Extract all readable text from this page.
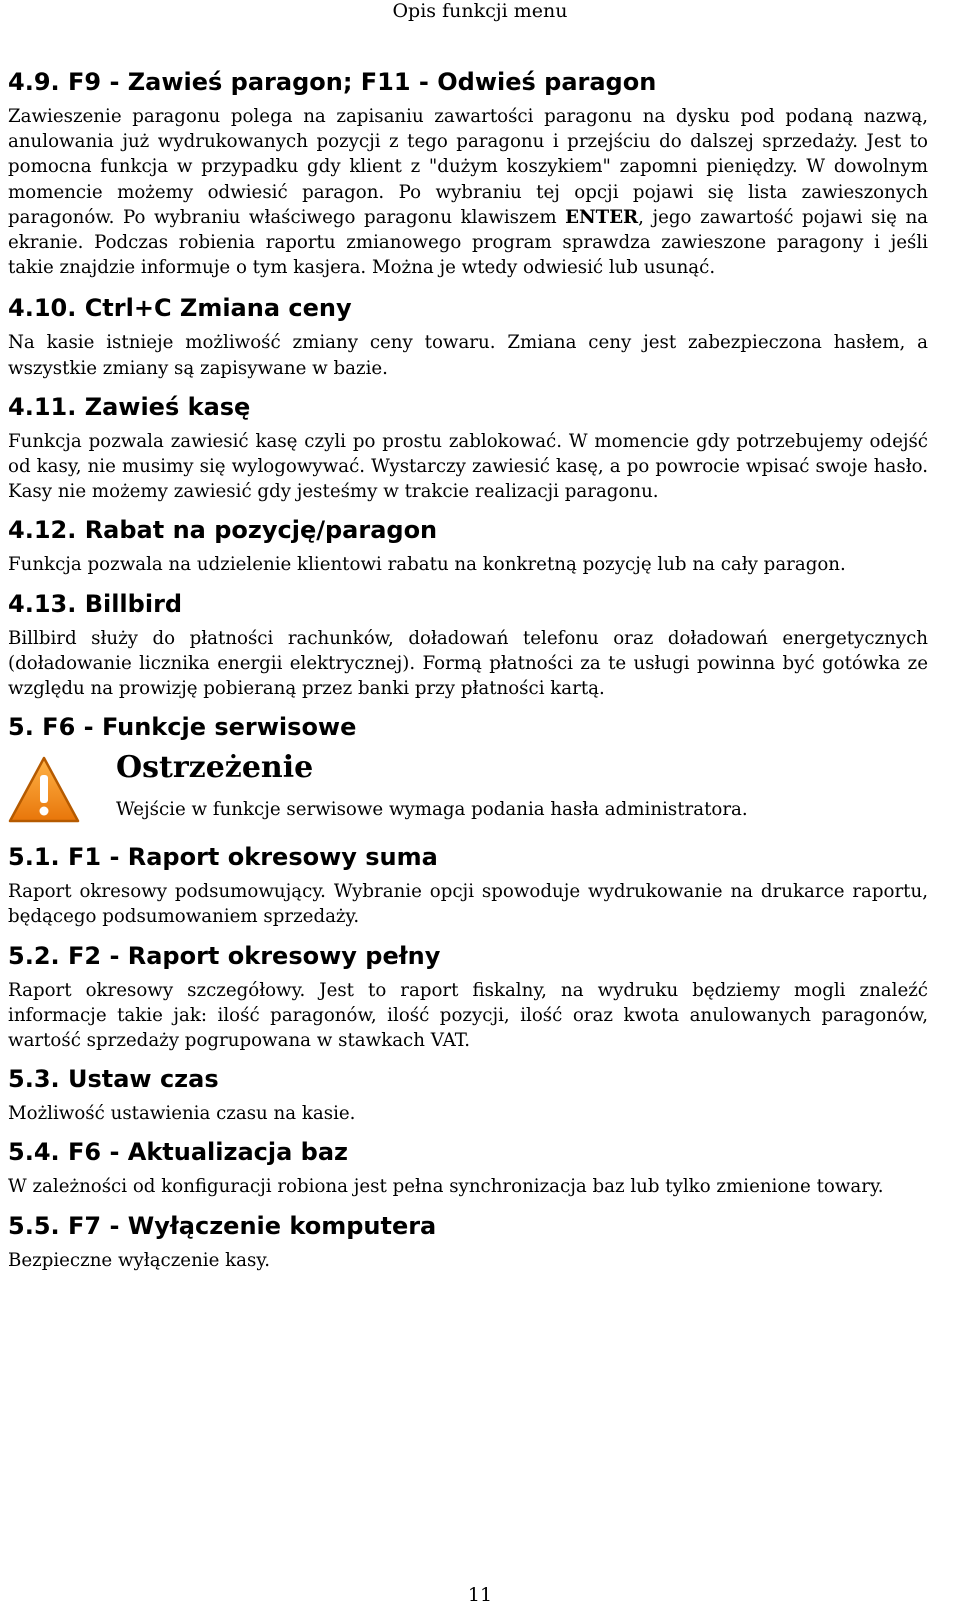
Opis funkcji menu
4.9. F9 - Zawieś paragon; F11 - Odwieś paragon

Zawieszenie paragonu polega na zapisaniu zawartości paragonu na dysku pod podaną nazwą, anulowania już wydrukowanych pozycji z tego paragonu i przejściu do dalszej sprzedaży. Jest to pomocna funkcja w przypadku gdy klient z "dużym koszykiem" zapomni pieniędzy. W dowolnym momencie możemy odwiesić paragon. Po wybraniu tej opcji pojawi się lista zawieszonych paragonów. Po wybraniu właściwego paragonu klawiszem ENTER, jego zawartość pojawi się na ekranie. Podczas robienia raportu zmianowego program sprawdza zawieszone paragony i jeśli takie znajdzie informuje o tym kasjera. Można je wtedy odwiesić lub usunąć.

4.10. Ctrl+C Zmiana ceny

Na kasie istnieje możliwość zmiany ceny towaru. Zmiana ceny jest zabezpieczona hasłem, a wszystkie zmiany są zapisywane w bazie.

4.11. Zawieś kasę

Funkcja pozwala zawiesić kasę czyli po prostu zablokować. W momencie gdy potrzebujemy odejść od kasy, nie musimy się wylogowywać. Wystarczy zawiesić kasę, a po powrocie wpisać swoje hasło. Kasy nie możemy zawiesić gdy jesteśmy w trakcie realizacji paragonu.

4.12. Rabat na pozycję/paragon

Funkcja pozwala na udzielenie klientowi rabatu na konkretną pozycję lub na cały paragon.

4.13. Billbird

Billbird służy do płatności rachunków, doładowań telefonu oraz doładowań energetycznych (doładowanie licznika energii elektrycznej). Formą płatności za te usługi powinna być gotówka ze względu na prowizję pobieraną przez banki przy płatności kartą.

5. F6 - Funkcje serwisowe
Ostrzeżenie

Wejście w funkcje serwisowe wymaga podania hasła administratora.

5.1. F1 - Raport okresowy suma

Raport okresowy podsumowujący. Wybranie opcji spowoduje wydrukowanie na drukarce raportu, będącego podsumowaniem sprzedaży.

5.2. F2 - Raport okresowy pełny

Raport okresowy szczegółowy. Jest to raport fiskalny, na wydruku będziemy mogli znaleźć informacje takie jak: ilość paragonów, ilość pozycji, ilość oraz kwota anulowanych paragonów, wartość sprzedaży pogrupowana w stawkach VAT.

5.3. Ustaw czas

Możliwość ustawienia czasu na kasie.

5.4. F6 - Aktualizacja baz

W zależności od konfiguracji robiona jest pełna synchronizacja baz lub tylko zmienione towary.

5.5. F7 - Wyłączenie komputera

Bezpieczne wyłączenie kasy.

11
